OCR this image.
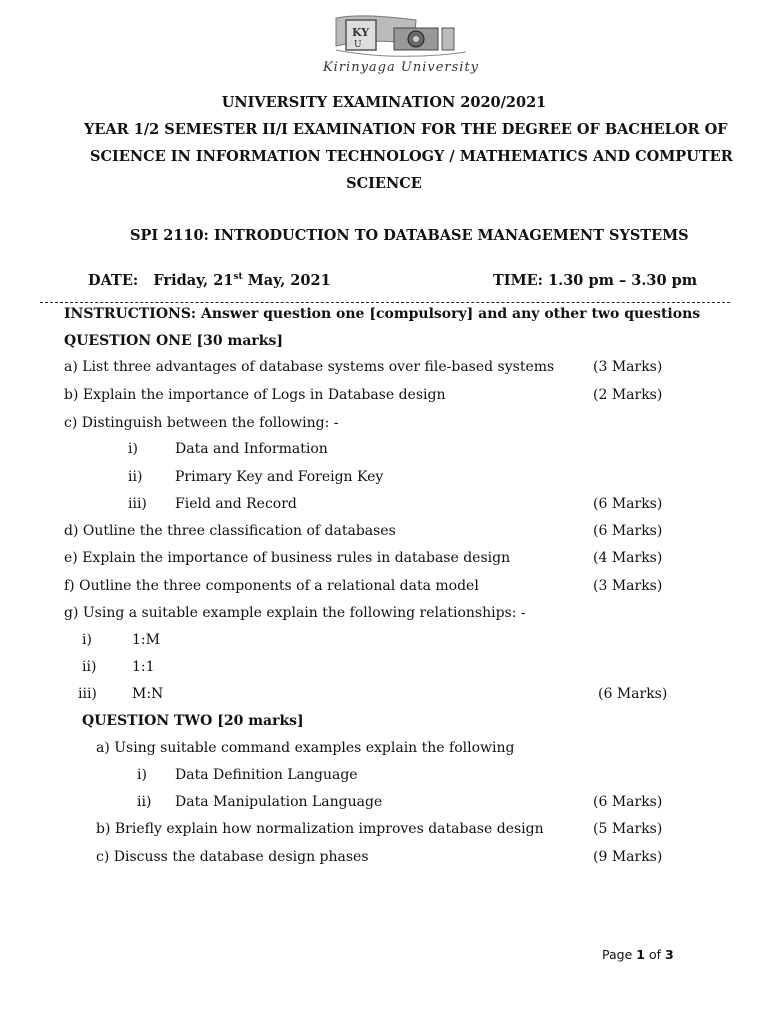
KY
U
Kirinyaga University
UNIVERSITY EXAMINATION 2020/2021
YEAR 1/2 SEMESTER II/I EXAMINATION FOR THE DEGREE OF BACHELOR OF
SCIENCE IN INFORMATION TECHNOLOGY / MATHEMATICS AND COMPUTER
SCIENCE
SPI 2110: INTRODUCTION TO DATABASE MANAGEMENT SYSTEMS
DATE: Friday, 21st May, 2021	TIME: 1.30 pm – 3.30 pm
INSTRUCTIONS: Answer question one [compulsory] and any other two questions
QUESTION ONE [30 marks]
a) List three advantages of database systems over file-based systems	(3 Marks)
b) Explain the importance of Logs in Database design	(2 Marks)
c) Distinguish between the following: -
i)	Data and Information
ii) Primary Key and Foreign Key
iii) Field and Record	(6 Marks)
d) Outline the three classification of databases	(6 Marks)
e) Explain the importance of business rules in database design	(4 Marks)
f) Outline the three components of a relational data model	(3 Marks)
g) Using a suitable example explain the following relationships: -
i)	1:M
ii)	1:1
iii)	M:N	(6 Marks)
QUESTION TWO [20 marks]
a) Using suitable command examples explain the following
i) Data Definition Language
ii) Data Manipulation Language	(6 Marks)
b) Briefly explain how normalization improves database design	(5 Marks)
c) Discuss the database design phases	(9 Marks)
Page 1 of 3
